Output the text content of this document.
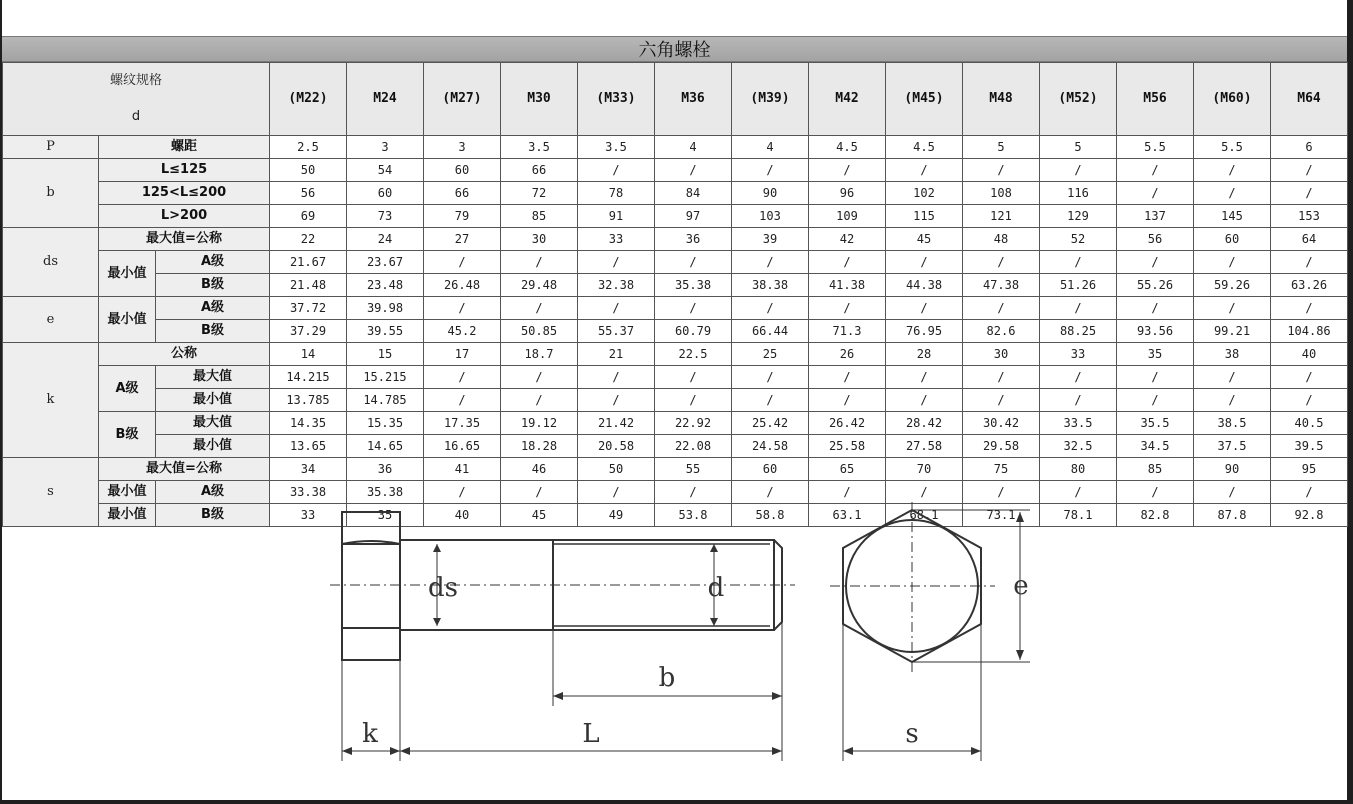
六角螺栓
螺纹规格
d			(M22)	M24	(M27)	M30	(M33)	M36	(M39)	M42	(M45)	M48	(M52)	M56	(M60)	M64
P	螺距		2.5	3	3	3.5	3.5	4	4	4.5	4.5	5	5	5.5	5.5	6
b	L≤125		50	54	60	66	/	/	/	/	/	/	/	/	/	/
	125<L≤200		56	60	66	72	78	84	90	96	102	108	116	/	/	/
	L>200		69	73	79	85	91	97	103	109	115	121	129	137	145	153
ds	最大值=公称		22	24	27	30	33	36	39	42	45	48	52	56	60	64
	最小值	A级	21.67	23.67	/	/	/	/	/	/	/	/	/	/	/	/
		B级	21.48	23.48	26.48	29.48	32.38	35.38	38.38	41.38	44.38	47.38	51.26	55.26	59.26	63.26
e	最小值	A级	37.72	39.98	/	/	/	/	/	/	/	/	/	/	/	/
		B级	37.29	39.55	45.2	50.85	55.37	60.79	66.44	71.3	76.95	82.6	88.25	93.56	99.21	104.86
k	公称		14	15	17	18.7	21	22.5	25	26	28	30	33	35	38	40
	A级	最大值	14.215	15.215	/	/	/	/	/	/	/	/	/	/	/	/
		最小值	13.785	14.785	/	/	/	/	/	/	/	/	/	/	/	/
	B级	最大值	14.35	15.35	17.35	19.12	21.42	22.92	25.42	26.42	28.42	30.42	33.5	35.5	38.5	40.5
		最小值	13.65	14.65	16.65	18.28	20.58	22.08	24.58	25.58	27.58	29.58	32.5	34.5	37.5	39.5
s	最大值=公称		34	36	41	46	50	55	60	65	70	75	80	85	90	95
	最小值	A级	33.38	35.38	/	/	/	/	/	/	/	/	/	/	/	/
	最小值	B级	33	35	40	45	49	53.8	58.8	63.1	68.1	73.1	78.1	82.8	87.8	92.8
ds	d
b
k	L
e
s
